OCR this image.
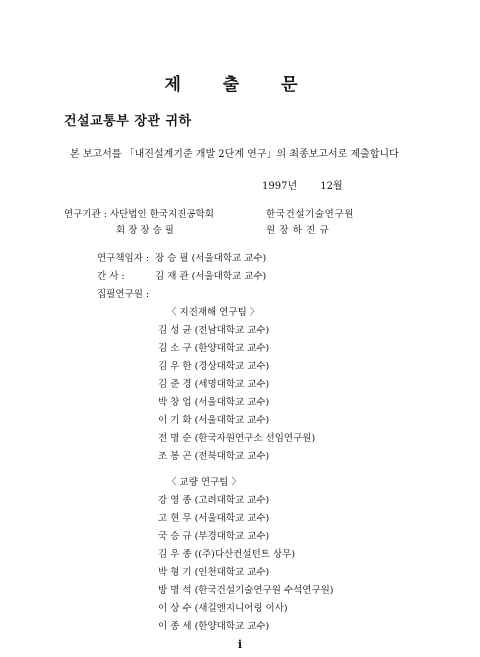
제 출 문
건설교통부 장관 귀하
본 보고서를 「내진설계기준 개발 2단계 연구」의 최종보고서로 제출합니다
1997년 12월
연구기관 : 사단법인 한국지진공학회	한국건설기술연구원
회 장 장 승 필	원 장 하 진 규
연구책임자 : 장 승 필 (서울대학교 교수)
간 사 :	김 재 관 (서울대학교 교수)
집필연구원 :
〈 지진재해 연구팀 〉
김 성 균 (전남대학교 교수)
김 소 구 (한양대학교 교수)
김 우 한 (경상대학교 교수)
김 준 경 (세명대학교 교수)
박 창 업 (서울대학교 교수)
이 기 화 (서울대학교 교수)
전 명 순 (한국자원연구소 선임연구원)
조 봉 곤 (전북대학교 교수)
〈 교량 연구팀 〉
강 영 종 (고려대학교 교수)
고 현 무 (서울대학교 교수)
국 승 규 (부경대학교 교수)
김 우 종 ((주)다산컨설턴트 상무)
박 형 기 (인천대학교 교수)
방 명 석 (한국건설기술연구원 수석연구원)
이 상 수 (새길엔지니어링 이사)
이 종 세 (한양대학교 교수)
i
